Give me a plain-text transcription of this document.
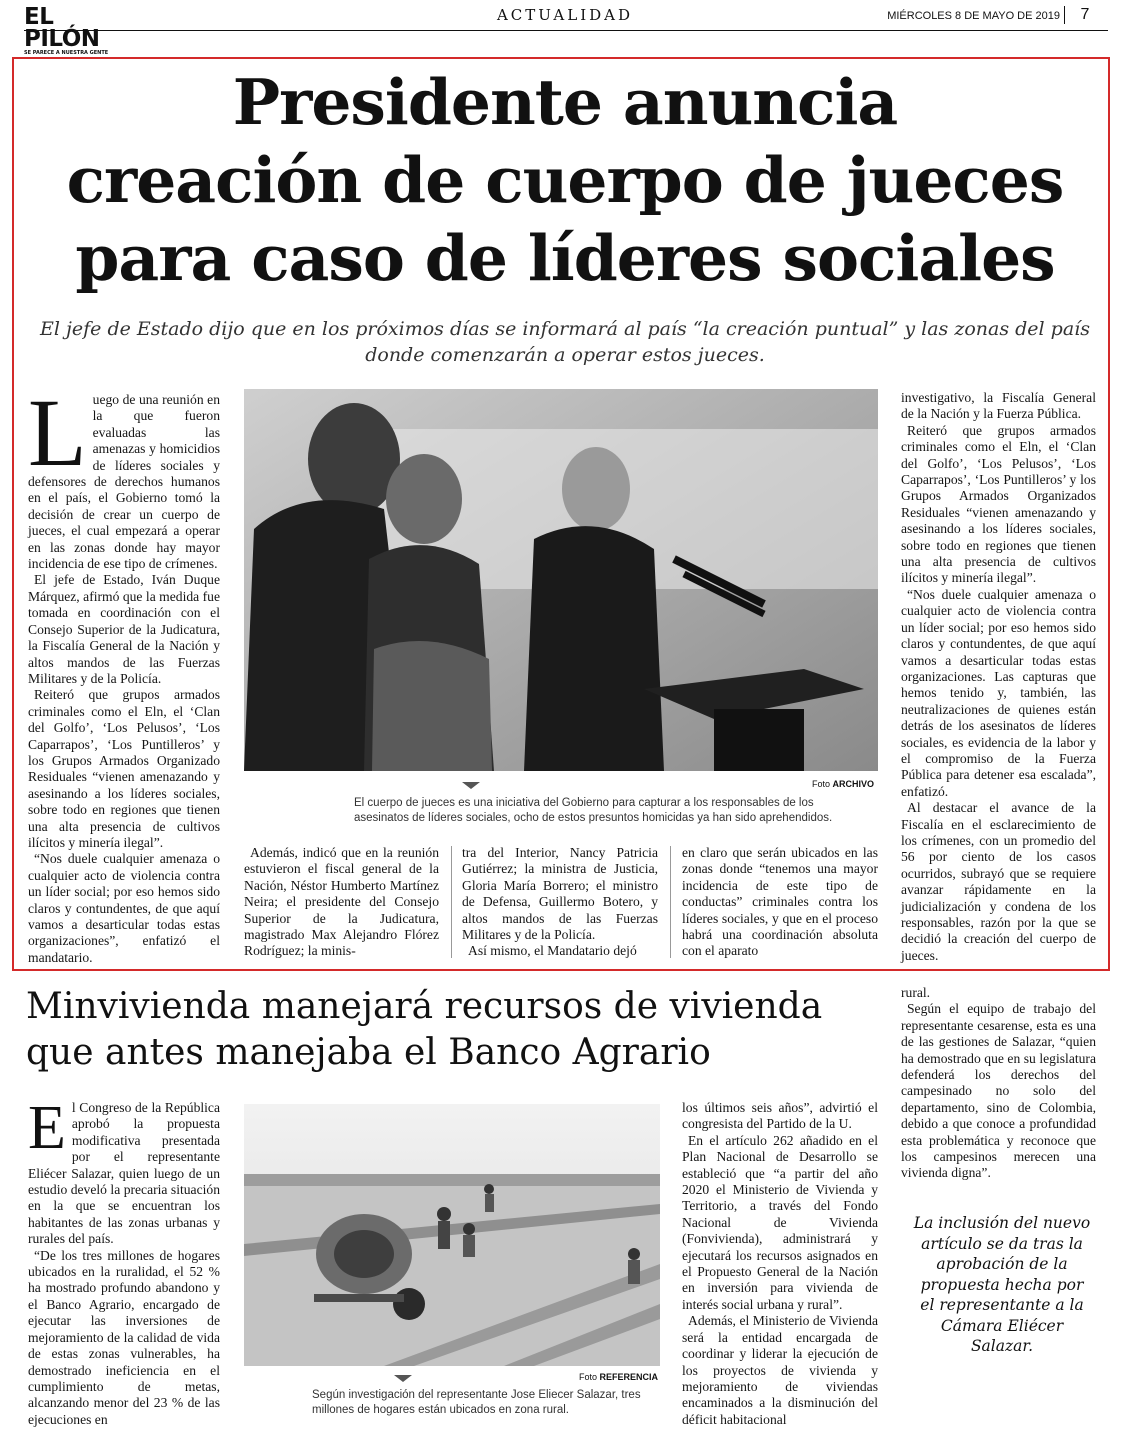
EL PILÓN
SE PARECE A NUESTRA GENTE
ACTUALIDAD	MIÉRCOLES 8 DE MAYO DE 2019	7
Presidente anuncia
creación de cuerpo de jueces
para caso de líderes sociales
El jefe de Estado dijo que en los próximos días se informará al país “la creación puntual” y las zonas del país donde comenzarán a operar estos jueces.
L uego de una reunión en la que fueron evaluadas las amenazas y homicidios de líderes sociales y defensores de derechos humanos en el país, el Gobierno tomó la decisión de crear un cuerpo de jueces, el cual empezará a operar en las zonas donde hay mayor incidencia de ese tipo de crímenes.

El jefe de Estado, Iván Duque Márquez, afirmó que la medida fue tomada en coordinación con el Consejo Superior de la Judicatura, la Fiscalía General de la Nación y altos mandos de las Fuerzas Militares y de la Policía.

Reiteró que grupos armados criminales como el Eln, el ‘Clan del Golfo’, ‘Los Pelusos’, ‘Los Caparrapos’, ‘Los Puntilleros’ y los Grupos Armados Organizado Residuales “vienen amenazando y asesinando a los líderes sociales, sobre todo en regiones que tienen una alta presencia de cultivos ilícitos y minería ilegal”.

“Nos duele cualquier amenaza o cualquier acto de violencia contra un líder social; por eso hemos sido claros y contundentes, de que aquí vamos a desarticular todas estas organizaciones”, enfatizó el mandatario.

Foto ARCHIVO
El cuerpo de jueces es una iniciativa del Gobierno para capturar a los responsables de los asesinatos de líderes sociales, ocho de estos presuntos homicidas ya han sido aprehendidos.

Además, indicó que en la reunión estuvieron el fiscal general de la Nación, Néstor Humberto Martínez Neira; el presidente del Consejo Superior de la Judicatura, magistrado Max Alejandro Flórez Rodríguez; la minis-

tra del Interior, Nancy Patricia Gutiérrez; la ministra de Justicia, Gloria María Borrero; el ministro de Defensa, Guillermo Botero, y altos mandos de las Fuerzas Militares y de la Policía.

Así mismo, el Mandatario dejó

en claro que serán ubicados en las zonas donde “tenemos una mayor incidencia de este tipo de conductas” criminales contra los líderes sociales, y que en el proceso habrá una coordinación absoluta con el aparato

investigativo, la Fiscalía General de la Nación y la Fuerza Pública.

Reiteró que grupos armados criminales como el Eln, el ‘Clan del Golfo’, ‘Los Pelusos’, ‘Los Caparrapos’, ‘Los Puntilleros’ y los Grupos Armados Organizados Residuales “vienen amenazando y asesinando a los líderes sociales, sobre todo en regiones que tienen una alta presencia de cultivos ilícitos y minería ilegal”.

“Nos duele cualquier amenaza o cualquier acto de violencia contra un líder social; por eso hemos sido claros y contundentes, de que aquí vamos a desarticular todas estas organizaciones. Las capturas que hemos tenido y, también, las neutralizaciones de quienes están detrás de los asesinatos de líderes sociales, es evidencia de la labor y el compromiso de la Fuerza Pública para detener esa escalada”, enfatizó.

Al destacar el avance de la Fiscalía en el esclarecimiento de los crímenes, con un promedio del 56 por ciento de los casos ocurridos, subrayó que se requiere avanzar rápidamente en la judicialización y condena de los responsables, razón por la que se decidió la creación del cuerpo de jueces.

Minvivienda manejará recursos de vivienda
que antes manejaba el Banco Agrario
E l Congreso de la República aprobó la propuesta modificativa presentada por el representante Eliécer Salazar, quien luego de un estudio develó la precaria situación en la que se encuentran los habitantes de las zonas urbanas y rurales del país.

“De los tres millones de hogares ubicados en la ruralidad, el 52 % ha mostrado profundo abandono y el Banco Agrario, encargado de ejecutar las inversiones de mejoramiento de la calidad de vida de estas zonas vulnerables, ha demostrado ineficiencia en el cumplimiento de metas, alcanzando menor del 23 % de las ejecuciones en

Foto REFERENCIA
Según investigación del representante Jose Eliecer Salazar, tres millones de hogares están ubicados en zona rural.

los últimos seis años”, advirtió el congresista del Partido de la U.

En el artículo 262 añadido en el Plan Nacional de Desarrollo se estableció que “a partir del año 2020 el Ministerio de Vivienda y Territorio, a través del Fondo Nacional de Vivienda (Fonvivienda), administrará y ejecutará los recursos asignados en el Propuesto General de la Nación en inversión para vivienda de interés social urbana y rural”.

Además, el Ministerio de Vivienda será la entidad encargada de coordinar y liderar la ejecución de los proyectos de vivienda y mejoramiento de viviendas encaminados a la disminución del déficit habitacional

rural.

Según el equipo de trabajo del representante cesarense, esta es una de las gestiones de Salazar, “quien ha demostrado que en su legislatura defenderá los derechos del campesinado no solo del departamento, sino de Colombia, debido a que conoce a profundidad esta problemática y reconoce que los campesinos merecen una vivienda digna”.

La inclusión del nuevo artículo se da tras la aprobación de la propuesta hecha por el representante a la Cámara Eliécer Salazar.
